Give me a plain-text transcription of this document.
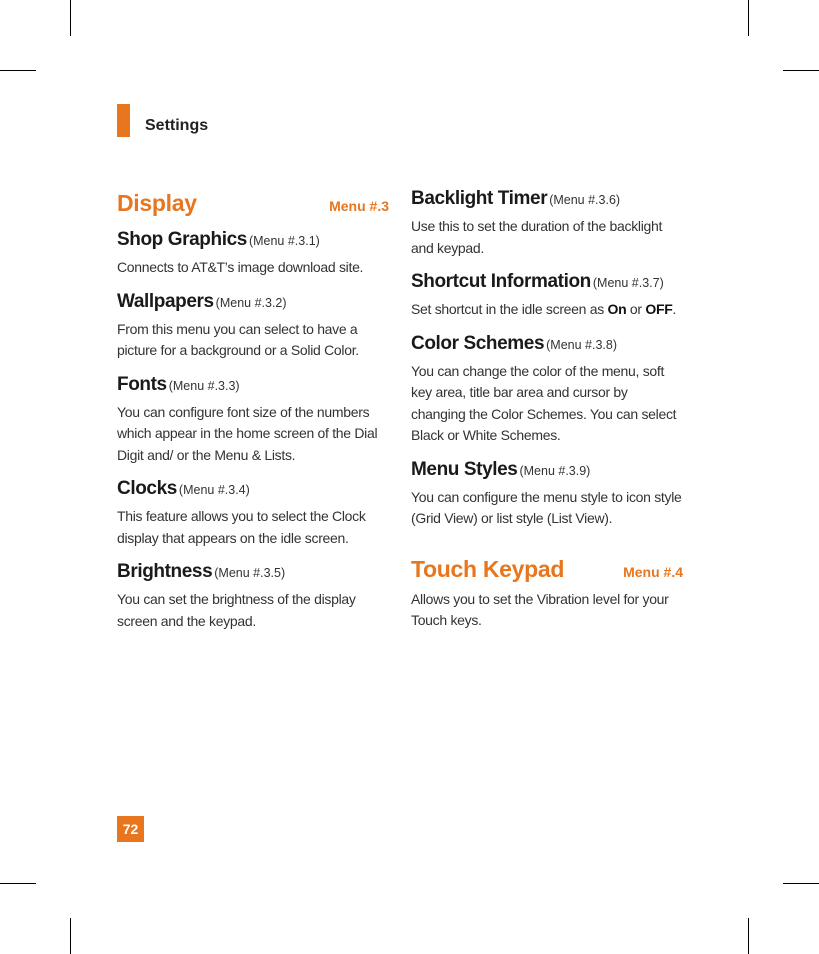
Settings
Display	Menu #.3
Shop Graphics (Menu #.3.1)
Connects to AT&T’s image download site.
Wallpapers (Menu #.3.2)
From this menu you can select to have a picture for a background or a Solid Color.
Fonts (Menu #.3.3)
You can configure font size of the numbers which appear in the home screen of the Dial Digit and/ or the Menu & Lists.
Clocks (Menu #.3.4)
This feature allows you to select the Clock display that appears on the idle screen.
Brightness (Menu #.3.5)
You can set the brightness of the display screen and the keypad.
Backlight Timer (Menu #.3.6)
Use this to set the duration of the backlight and keypad.
Shortcut Information (Menu #.3.7)
Set shortcut in the idle screen as On or OFF.
Color Schemes (Menu #.3.8)
You can change the color of the menu, soft key area, title bar area and cursor by changing the Color Schemes. You can select Black or White Schemes.
Menu Styles (Menu #.3.9)
You can configure the menu style to icon style (Grid View) or list style (List View).
Touch Keypad	Menu #.4
Allows you to set the Vibration level for your Touch keys.
72
